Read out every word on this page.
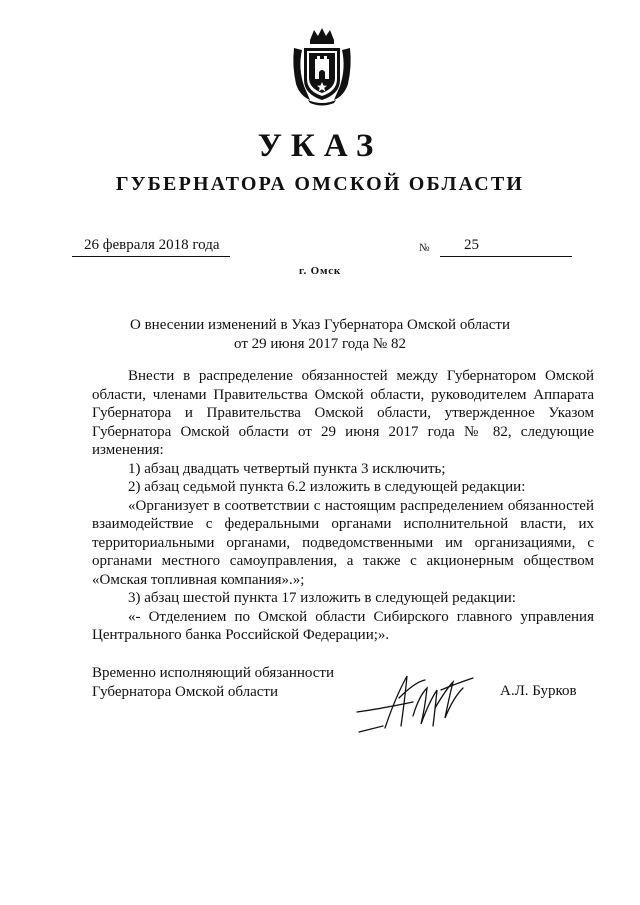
УКАЗ
ГУБЕРНАТОРА ОМСКОЙ ОБЛАСТИ
26 февраля 2018 года	№	25
г. Омск
О внесении изменений в Указ Губернатора Омской области
от 29 июня 2017 года № 82

Внести в распределение обязанностей между Губернатором Омской области, членами Правительства Омской области, руководителем Аппарата Губернатора и Правительства Омской области, утвержденное Указом Губернатора Омской области от 29 июня 2017 года № 82, следующие изменения:

1) абзац двадцать четвертый пункта 3 исключить;

2) абзац седьмой пункта 6.2 изложить в следующей редакции:

«Организует в соответствии с настоящим распределением обязанностей взаимодействие с федеральными органами исполнительной власти, их территориальными органами, подведомственными им организациями, с органами местного самоуправления, а также с акционерным обществом «Омская топливная компания».»;

3) абзац шестой пункта 17 изложить в следующей редакции:

«- Отделением по Омской области Сибирского главного управления Центрального банка Российской Федерации;».

Временно исполняющий обязанности
Губернатора Омской области	А.Л. Бурков
